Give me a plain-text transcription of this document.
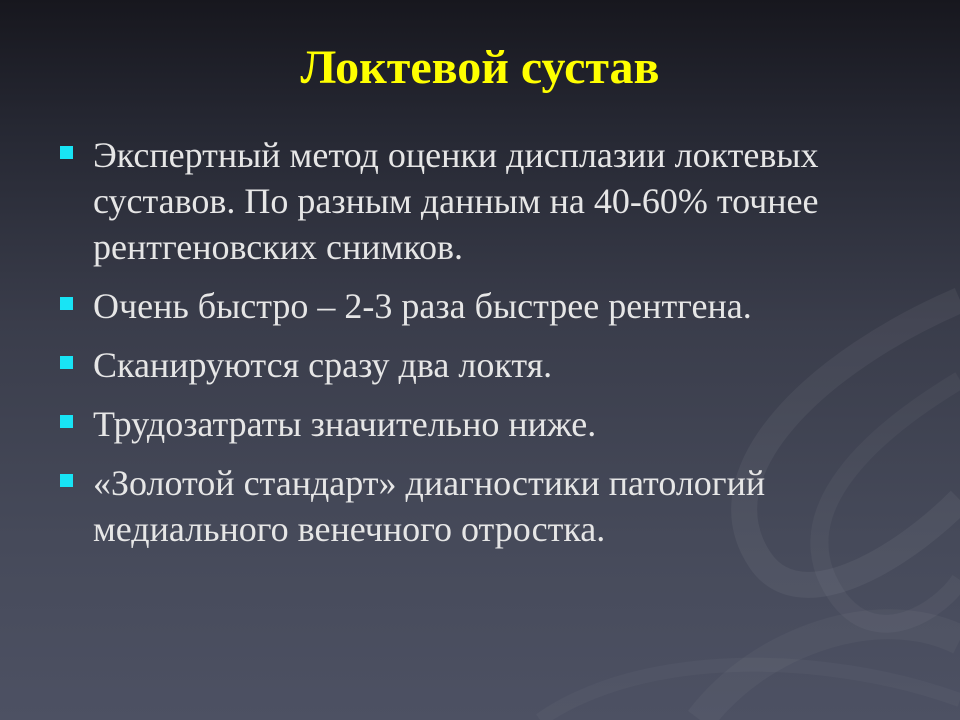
Локтевой сустав
Экспертный метод оценки дисплазии локтевых суставов. По разным данным на 40-60% точнее рентгеновских снимков.
Очень быстро – 2-3 раза быстрее рентгена.
Сканируются сразу два локтя.
Трудозатраты значительно ниже.
«Золотой стандарт» диагностики патологий медиального венечного отростка.
